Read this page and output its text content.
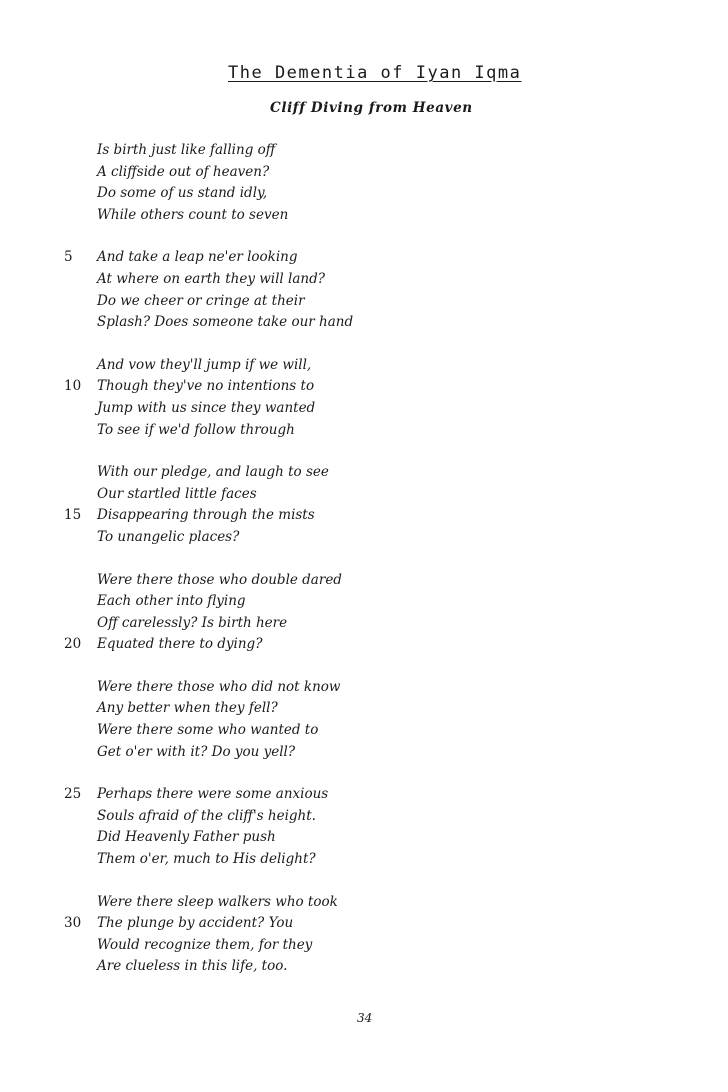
The Dementia of Iyan Iqma
Cliff Diving from Heaven
Is birth just like falling off
A cliffside out of heaven?
Do some of us stand idly,
While others count to seven
5 And take a leap ne'er looking
At where on earth they will land?
Do we cheer or cringe at their
Splash? Does someone take our hand
And vow they'll jump if we will,
10 Though they've no intentions to
Jump with us since they wanted
To see if we'd follow through
With our pledge, and laugh to see
Our startled little faces
15 Disappearing through the mists
To unangelic places?
Were there those who double dared
Each other into flying
Off carelessly? Is birth here
20 Equated there to dying?
Were there those who did not know
Any better when they fell?
Were there some who wanted to
Get o'er with it? Do you yell?
25 Perhaps there were some anxious
Souls afraid of the cliff's height.
Did Heavenly Father push
Them o'er, much to His delight?
Were there sleep walkers who took
30 The plunge by accident? You
Would recognize them, for they
Are clueless in this life, too.
34
